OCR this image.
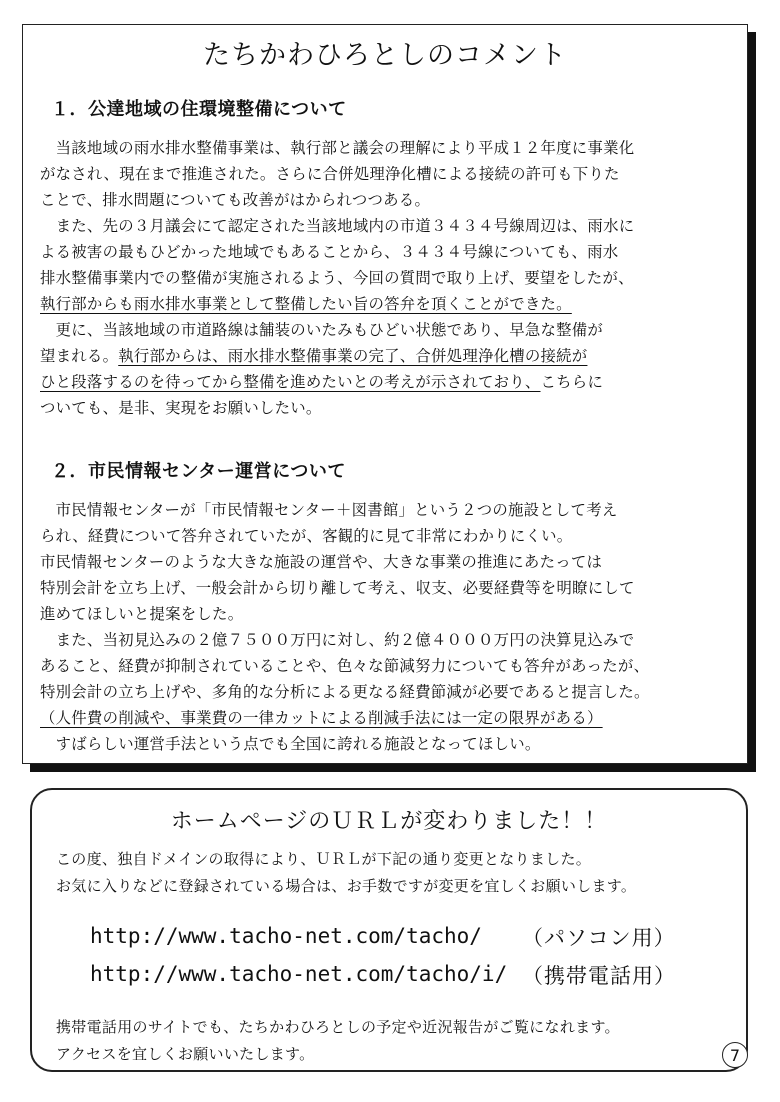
たちかわひろとしのコメント
１．公達地域の住環境整備について
　当該地域の雨水排水整備事業は、執行部と議会の理解により平成１２年度に事業化
がなされ、現在まで推進された。さらに合併処理浄化槽による接続の許可も下りた
ことで、排水問題についても改善がはかられつつある。
　また、先の３月議会にて認定された当該地域内の市道３４３４号線周辺は、雨水に
よる被害の最もひどかった地域でもあることから、３４３４号線についても、雨水
排水整備事業内での整備が実施されるよう、今回の質問で取り上げ、要望をしたが、
執行部からも雨水排水事業として整備したい旨の答弁を頂くことができた。
　更に、当該地域の市道路線は舗装のいたみもひどい状態であり、早急な整備が
望まれる。執行部からは、雨水排水整備事業の完了、合併処理浄化槽の接続が
ひと段落するのを待ってから整備を進めたいとの考えが示されており、こちらに
ついても、是非、実現をお願いしたい。
２．市民情報センター運営について
　市民情報センターが「市民情報センター＋図書館」という２つの施設として考え
られ、経費について答弁されていたが、客観的に見て非常にわかりにくい。
市民情報センターのような大きな施設の運営や、大きな事業の推進にあたっては
特別会計を立ち上げ、一般会計から切り離して考え、収支、必要経費等を明瞭にして
進めてほしいと提案をした。
　また、当初見込みの２億７５００万円に対し、約２億４０００万円の決算見込みで
あること、経費が抑制されていることや、色々な節減努力についても答弁があったが、
特別会計の立ち上げや、多角的な分析による更なる経費節減が必要であると提言した。
（人件費の削減や、事業費の一律カットによる削減手法には一定の限界がある）
　すばらしい運営手法という点でも全国に誇れる施設となってほしい。
ホームページのＵＲＬが変わりました！！
この度、独自ドメインの取得により、ＵＲＬが下記の通り変更となりました。
お気に入りなどに登録されている場合は、お手数ですが変更を宜しくお願いします。
http://www.tacho-net.com/tacho/ （パソコン用）
http://www.tacho-net.com/tacho/i/ （携帯電話用）
携帯電話用のサイトでも、たちかわひろとしの予定や近況報告がご覧になれます。
アクセスを宜しくお願いいたします。	7
